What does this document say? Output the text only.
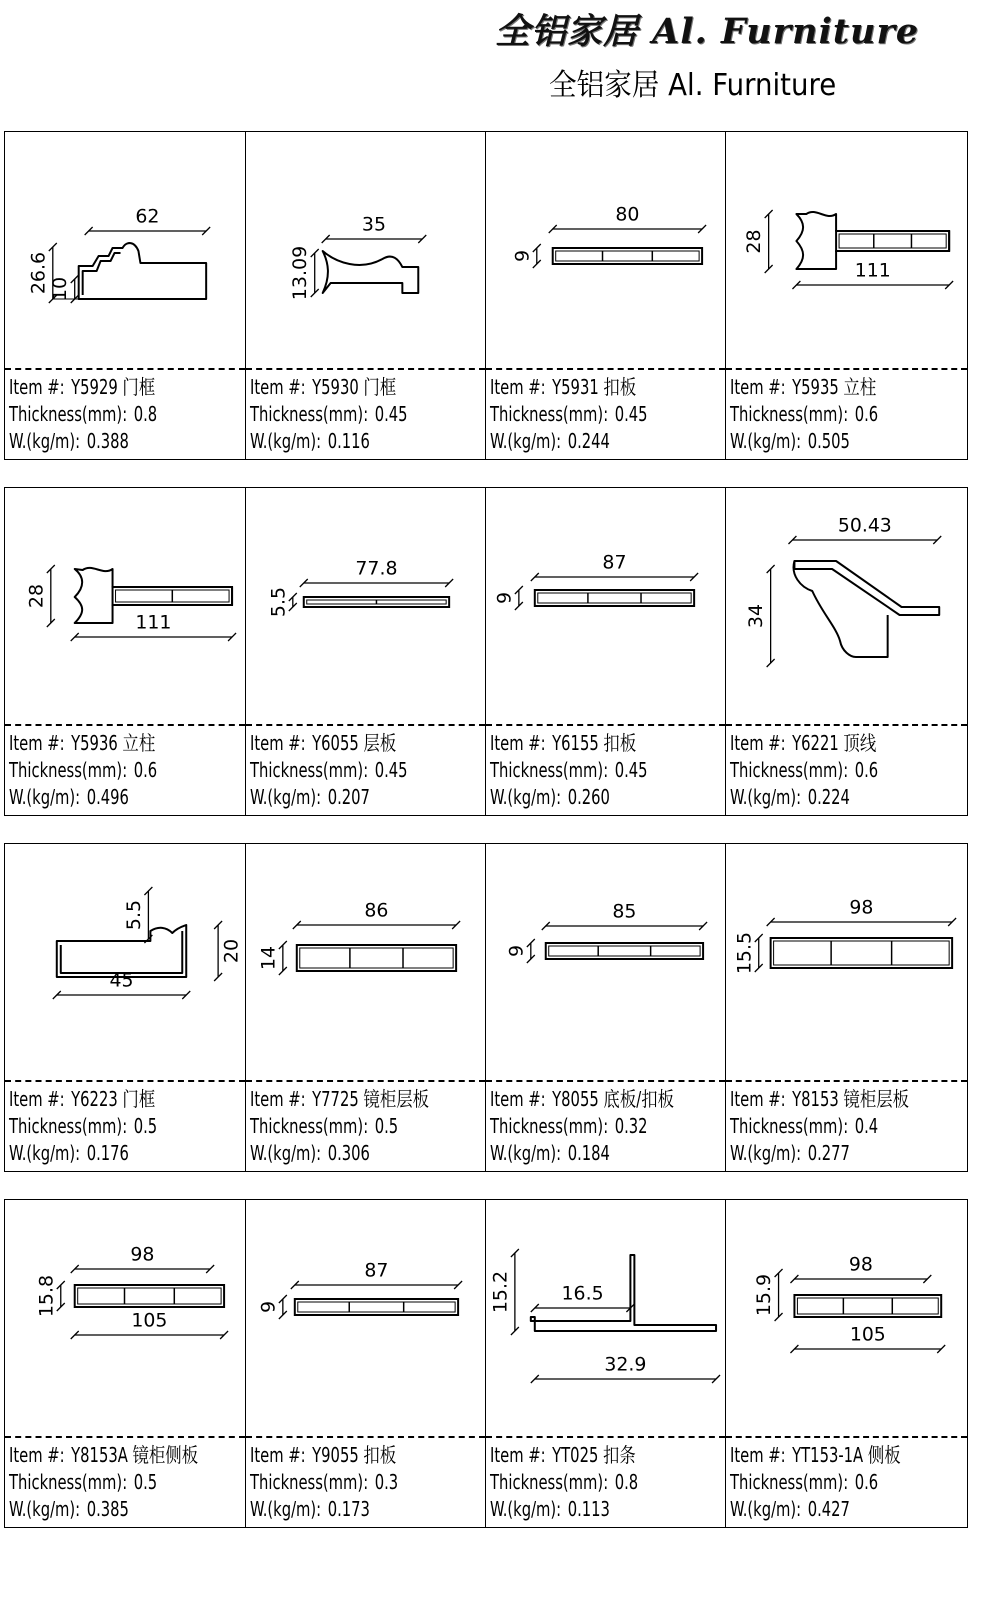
全铝家居 Al. Furniture
全铝家居 Al. Furniture
62
26.6 10
Item #: Y5929 门框
Thickness(mm): 0.8
W.(kg/m): 0.388
35
13.09
Item #: Y5930 门框
Thickness(mm): 0.45
W.(kg/m): 0.116
80
9
Item #: Y5931 扣板
Thickness(mm): 0.45
W.(kg/m): 0.244
111
28
Item #: Y5935 立柱
Thickness(mm): 0.6
W.(kg/m): 0.505
111
28
Item #: Y5936 立柱
Thickness(mm): 0.6
W.(kg/m): 0.496
77.8
5.5
Item #: Y6055 层板
Thickness(mm): 0.45
W.(kg/m): 0.207
87
9
Item #: Y6155 扣板
Thickness(mm): 0.45
W.(kg/m): 0.260
50.43
34
Item #: Y6221 顶线
Thickness(mm): 0.6
W.(kg/m): 0.224
45
5.5
20
Item #: Y6223 门框
Thickness(mm): 0.5
W.(kg/m): 0.176
86
14
Item #: Y7725 镜柜层板
Thickness(mm): 0.5
W.(kg/m): 0.306
85
9
Item #: Y8055 底板/扣板
Thickness(mm): 0.32
W.(kg/m): 0.184
98
15.5
Item #: Y8153 镜柜层板
Thickness(mm): 0.4
W.(kg/m): 0.277
98
105
15.8
Item #: Y8153A 镜柜侧板
Thickness(mm): 0.5
W.(kg/m): 0.385
87
9
Item #: Y9055 扣板
Thickness(mm): 0.3
W.(kg/m): 0.173
16.5
32.9
15.2
Item #: YT025 扣条
Thickness(mm): 0.8
W.(kg/m): 0.113
98
105
15.9
Item #: YT153-1A 侧板
Thickness(mm): 0.6
W.(kg/m): 0.427
